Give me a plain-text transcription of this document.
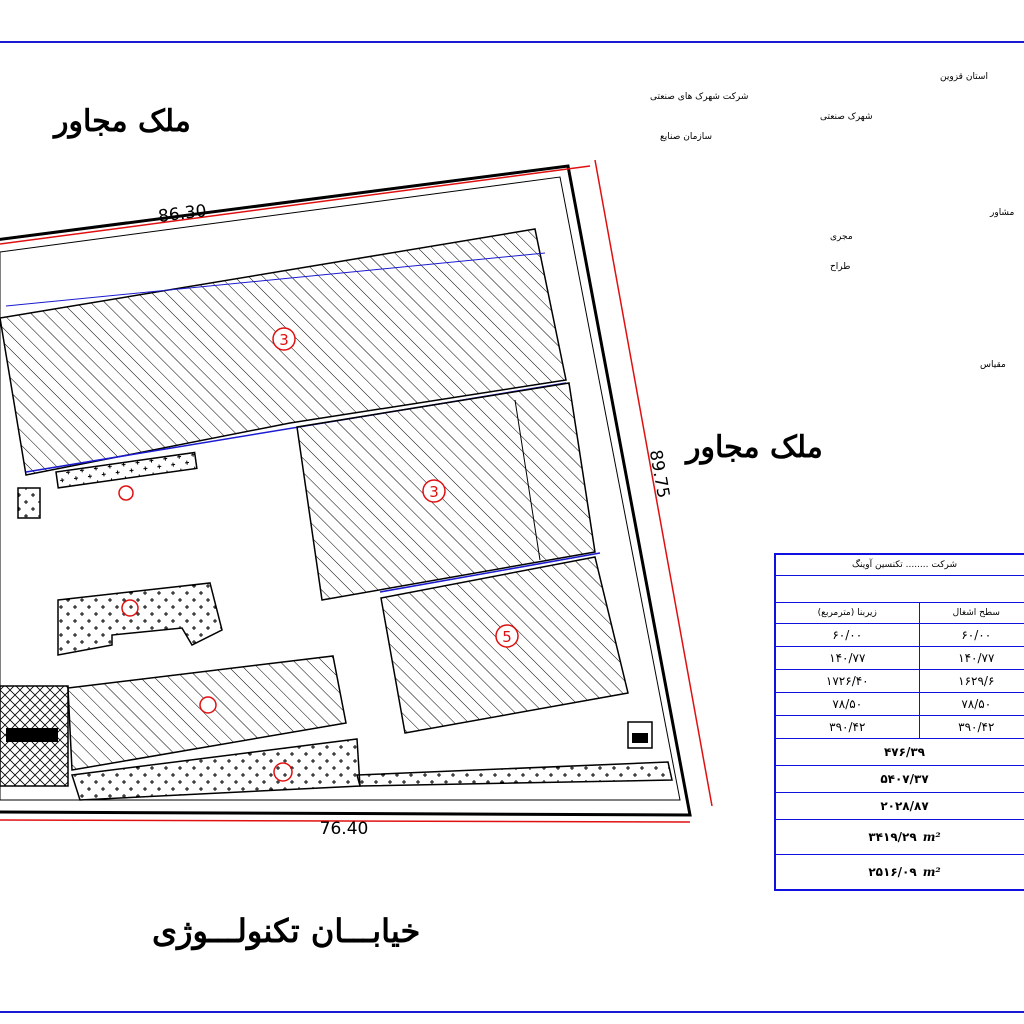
3
3
5
86.30
89.75
76.40
ملک مجاور
ملک مجاور
خیابـــان تکنولـــوژی
استان قزوین
شرکت شهرک های صنعتی
شهرک صنعتی
سازمان صنایع
مشاور
مجری
طراح
مقیاس
شرکت ........ تکنسین آوینگ	

زیربنا (مترمربع)	سطح اشغال
۶۰/۰۰	۶۰/۰۰
۱۴۰/۷۷	۱۴۰/۷۷
۱۷۲۶/۴۰	۱۶۲۹/۶
۷۸/۵۰	۷۸/۵۰
۳۹۰/۴۲	۳۹۰/۴۲
۴۷۶/۳۹	
۵۴۰۷/۳۷	
۲۰۲۸/۸۷	
۳۴۱۹/۲۹ m²	
۲۵۱۶/۰۹ m²	
